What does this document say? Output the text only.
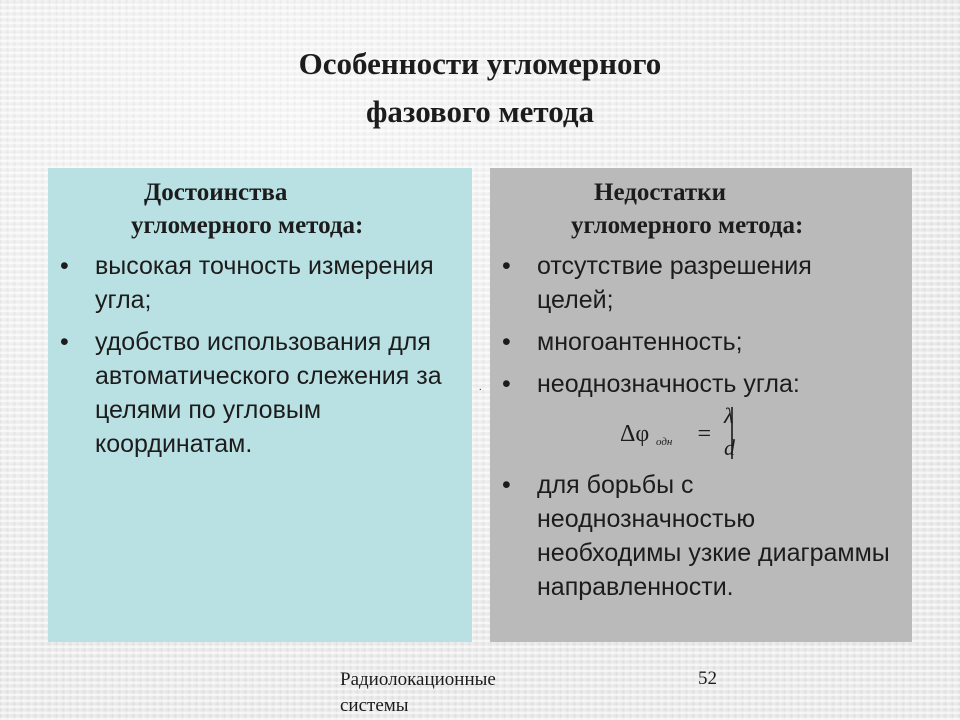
Особенности угломерного
фазового метода
Достоинства
угломерного метода:
• высокая точность измерения угла;
• удобство использования для автоматического слежения за целями по угловым координатам.
.
Недостатки
угломерного метода:
• отсутствие разрешения целей;
• многоантенность;
• неоднозначность угла:
Δφ одн =
λ
d
• для борьбы с неоднозначностью необходимы узкие диаграммы направленности.
Радиолокационные системы
52
